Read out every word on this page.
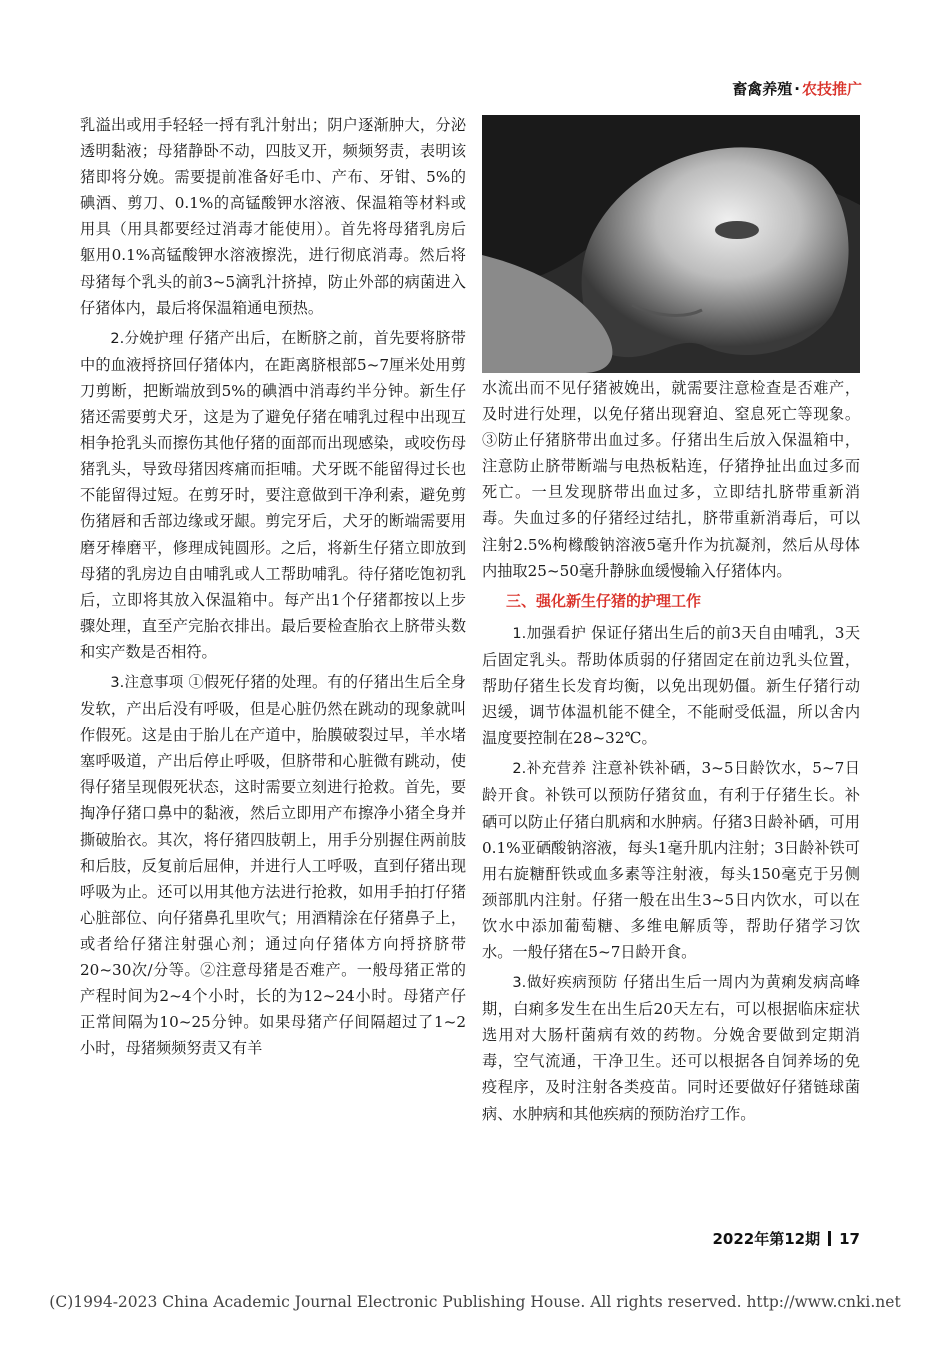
畜禽养殖 · 农技推广

乳溢出或用手轻轻一捋有乳汁射出；阴户逐渐肿大，分泌透明黏液；母猪静卧不动，四肢叉开，频频努责，表明该猪即将分娩。需要提前准备好毛巾、产布、牙钳、5%的碘酒、剪刀、0.1%的高锰酸钾水溶液、保温箱等材料或用具（用具都要经过消毒才能使用）。首先将母猪乳房后躯用0.1%高锰酸钾水溶液擦洗，进行彻底消毒。然后将母猪每个乳头的前3~5滴乳汁挤掉，防止外部的病菌进入仔猪体内，最后将保温箱通电预热。

2.分娩护理 仔猪产出后，在断脐之前，首先要将脐带中的血液捋挤回仔猪体内，在距离脐根部5~7厘米处用剪刀剪断，把断端放到5%的碘酒中消毒约半分钟。新生仔猪还需要剪犬牙，这是为了避免仔猪在哺乳过程中出现互相争抢乳头而擦伤其他仔猪的面部而出现感染，或咬伤母猪乳头，导致母猪因疼痛而拒哺。犬牙既不能留得过长也不能留得过短。在剪牙时，要注意做到干净利索，避免剪伤猪唇和舌部边缘或牙龈。剪完牙后，犬牙的断端需要用磨牙棒磨平，修理成钝圆形。之后，将新生仔猪立即放到母猪的乳房边自由哺乳或人工帮助哺乳。待仔猪吃饱初乳后，立即将其放入保温箱中。每产出1个仔猪都按以上步骤处理，直至产完胎衣排出。最后要检查胎衣上脐带头数和实产数是否相符。

3.注意事项 ①假死仔猪的处理。有的仔猪出生后全身发软，产出后没有呼吸，但是心脏仍然在跳动的现象就叫作假死。这是由于胎儿在产道中，胎膜破裂过早，羊水堵塞呼吸道，产出后停止呼吸，但脐带和心脏微有跳动，使得仔猪呈现假死状态，这时需要立刻进行抢救。首先，要掏净仔猪口鼻中的黏液，然后立即用产布擦净小猪全身并撕破胎衣。其次，将仔猪四肢朝上，用手分别握住两前肢和后肢，反复前后屈伸，并进行人工呼吸，直到仔猪出现呼吸为止。还可以用其他方法进行抢救，如用手拍打仔猪心脏部位、向仔猪鼻孔里吹气；用酒精涂在仔猪鼻子上，或者给仔猪注射强心剂；通过向仔猪体方向捋挤脐带20~30次/分等。②注意母猪是否难产。一般母猪正常的产程时间为2~4个小时，长的为12~24小时。母猪产仔正常间隔为10~25分钟。如果母猪产仔间隔超过了1~2小时，母猪频频努责又有羊

水流出而不见仔猪被娩出，就需要注意检查是否难产，及时进行处理，以免仔猪出现窘迫、窒息死亡等现象。③防止仔猪脐带出血过多。仔猪出生后放入保温箱中，注意防止脐带断端与电热板粘连，仔猪挣扯出血过多而死亡。一旦发现脐带出血过多，立即结扎脐带重新消毒。失血过多的仔猪经过结扎，脐带重新消毒后，可以注射2.5%枸橼酸钠溶液5毫升作为抗凝剂，然后从母体内抽取25~50毫升静脉血缓慢输入仔猪体内。

三、强化新生仔猪的护理工作

1.加强看护 保证仔猪出生后的前3天自由哺乳，3天后固定乳头。帮助体质弱的仔猪固定在前边乳头位置，帮助仔猪生长发育均衡，以免出现奶僵。新生仔猪行动迟缓，调节体温机能不健全，不能耐受低温，所以舍内温度要控制在28~32℃。

2.补充营养 注意补铁补硒，3~5日龄饮水，5~7日龄开食。补铁可以预防仔猪贫血，有利于仔猪生长。补硒可以防止仔猪白肌病和水肿病。仔猪3日龄补硒，可用0.1%亚硒酸钠溶液，每头1毫升肌内注射；3日龄补铁可用右旋糖酐铁或血多素等注射液，每头150毫克于另侧颈部肌内注射。仔猪一般在出生3~5日内饮水，可以在饮水中添加葡萄糖、多维电解质等，帮助仔猪学习饮水。一般仔猪在5~7日龄开食。

3.做好疾病预防 仔猪出生后一周内为黄痢发病高峰期，白痢多发生在出生后20天左右，可以根据临床症状选用对大肠杆菌病有效的药物。分娩舍要做到定期消毒，空气流通，干净卫生。还可以根据各自饲养场的免疫程序，及时注射各类疫苗。同时还要做好仔猪链球菌病、水肿病和其他疾病的预防治疗工作。

2022年第12期 17
(C)1994-2023 China Academic Journal Electronic Publishing House. All rights reserved. http://www.cnki.net
